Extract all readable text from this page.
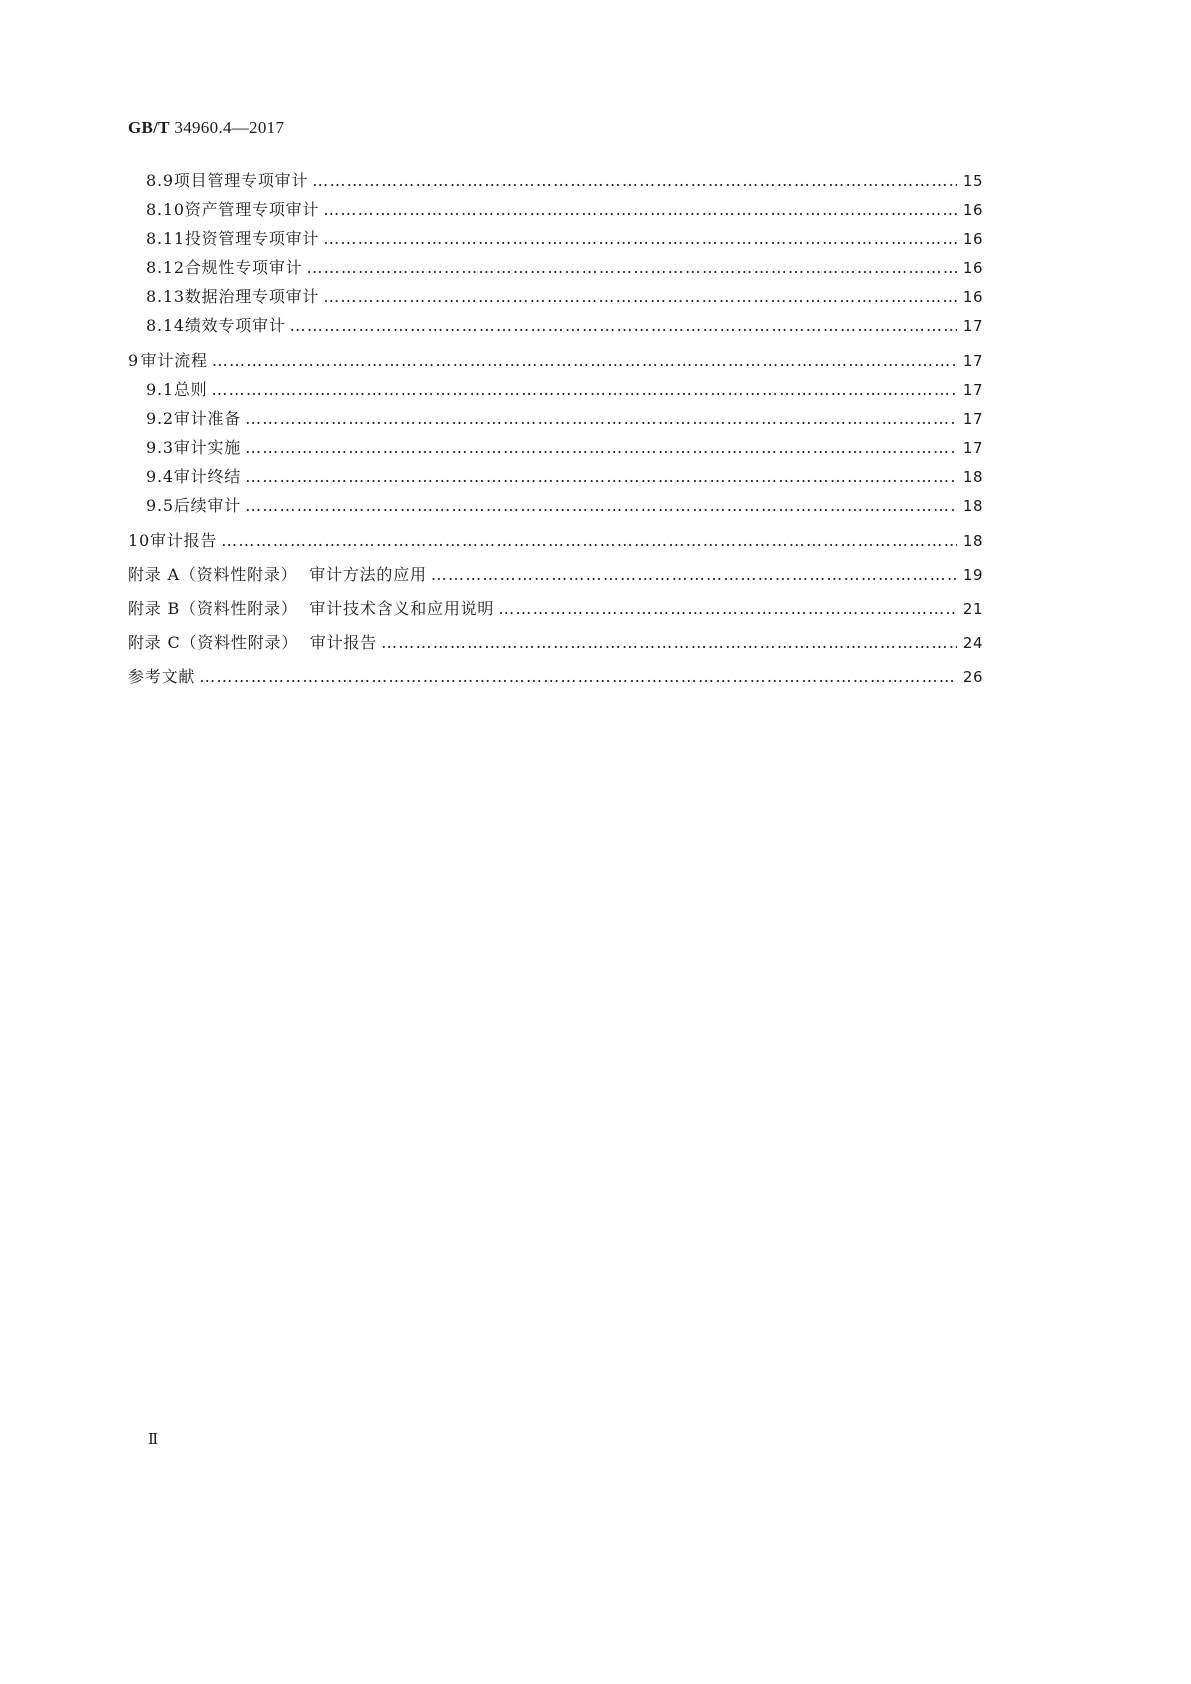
GB/T 34960.4—2017
8.9 项目管理专项审计 …………………………………………………………………………………………………………………………………………………………………………………………………………………………………………………………………………………	15
8.10 资产管理专项审计 …………………………………………………………………………………………………………………………………………………………………………………………………………………………………………………………………………………	16
8.11 投资管理专项审计 …………………………………………………………………………………………………………………………………………………………………………………………………………………………………………………………………………………	16
8.12 合规性专项审计 …………………………………………………………………………………………………………………………………………………………………………………………………………………………………………………………………………………	16
8.13 数据治理专项审计 …………………………………………………………………………………………………………………………………………………………………………………………………………………………………………………………………………………	16
8.14 绩效专项审计 …………………………………………………………………………………………………………………………………………………………………………………………………………………………………………………………………………………	17
9 审计流程 …………………………………………………………………………………………………………………………………………………………………………………………………………………………………………………………………………………	17
9.1 总则 …………………………………………………………………………………………………………………………………………………………………………………………………………………………………………………………………………………	17
9.2 审计准备 …………………………………………………………………………………………………………………………………………………………………………………………………………………………………………………………………………………	17
9.3 审计实施 …………………………………………………………………………………………………………………………………………………………………………………………………………………………………………………………………………………	17
9.4 审计终结 …………………………………………………………………………………………………………………………………………………………………………………………………………………………………………………………………………………	18
9.5 后续审计 …………………………………………………………………………………………………………………………………………………………………………………………………………………………………………………………………………………	18
10 审计报告 …………………………………………………………………………………………………………………………………………………………………………………………………………………………………………………………………………………	18
附录 A（资料性附录）  审计方法的应用 …………………………………………………………………………………………………………………………………………………………………………………………………………………………………………………………………………………	19
附录 B（资料性附录）  审计技术含义和应用说明 …………………………………………………………………………………………………………………………………………………………………………………………………………………………………………………………………………………	21
附录 C（资料性附录）  审计报告 …………………………………………………………………………………………………………………………………………………………………………………………………………………………………………………………………………………	24
参考文献 …………………………………………………………………………………………………………………………………………………………………………………………………………………………………………………………………………………	26
Ⅱ
